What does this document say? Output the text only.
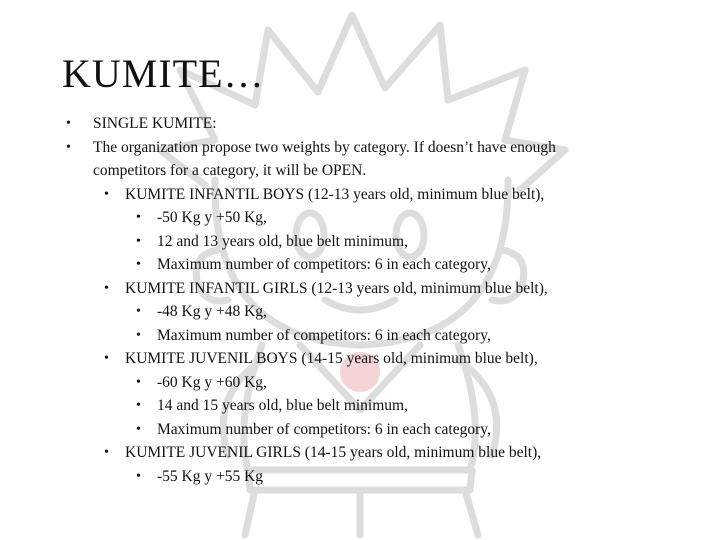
KUMITE…
• SINGLE KUMITE:
• The organization propose two weights by category. If doesn’t have enough
competitors for a category, it will be OPEN.
• KUMITE INFANTIL BOYS (12-13 years old, minimum blue belt),
• -50 Kg y +50 Kg,
• 12 and 13 years old, blue belt minimum,
• Maximum number of competitors: 6 in each category,
• KUMITE INFANTIL GIRLS (12-13 years old, minimum blue belt),
• -48 Kg y +48 Kg,
• Maximum number of competitors: 6 in each category,
• KUMITE JUVENIL BOYS (14-15 years old, minimum blue belt),
• -60 Kg y +60 Kg,
• 14 and 15 years old, blue belt minimum,
• Maximum number of competitors: 6 in each category,
• KUMITE JUVENIL GIRLS (14-15 years old, minimum blue belt),
• -55 Kg y +55 Kg
